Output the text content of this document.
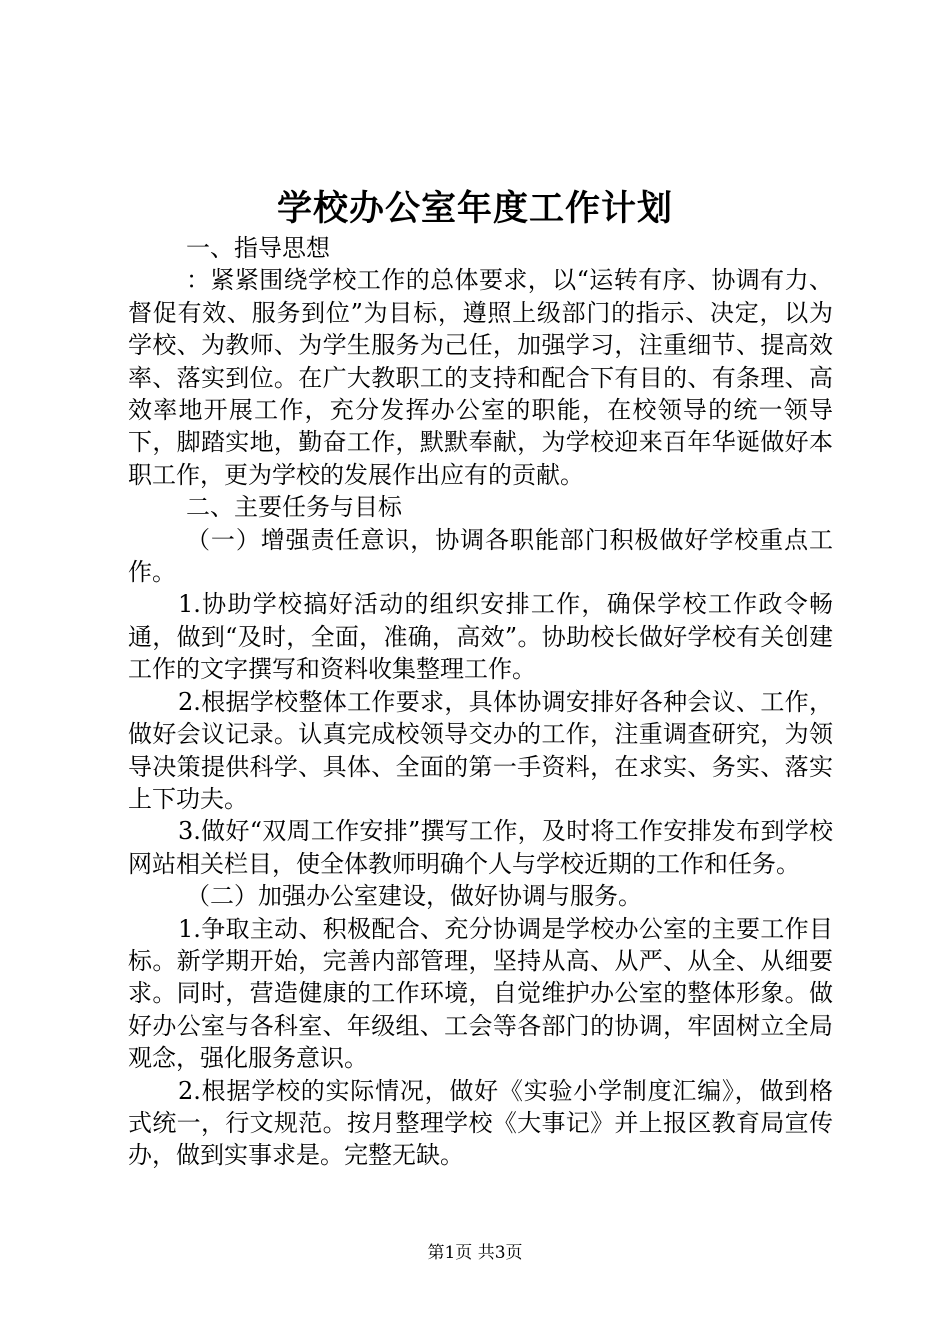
学校办公室年度工作计划

一、指导思想

：紧紧围绕学校工作的总体要求，以“运转有序、协调有力、督促有效、服务到位”为目标，遵照上级部门的指示、决定，以为学校、为教师、为学生服务为己任，加强学习，注重细节、提高效率、落实到位。在广大教职工的支持和配合下有目的、有条理、高效率地开展工作，充分发挥办公室的职能，在校领导的统一领导下，脚踏实地，勤奋工作，默默奉献，为学校迎来百年华诞做好本职工作，更为学校的发展作出应有的贡献。

二、主要任务与目标

（一）增强责任意识，协调各职能部门积极做好学校重点工作。

1.协助学校搞好活动的组织安排工作，确保学校工作政令畅通，做到“及时，全面，准确，高效”。协助校长做好学校有关创建工作的文字撰写和资料收集整理工作。

2.根据学校整体工作要求，具体协调安排好各种会议、工作，做好会议记录。认真完成校领导交办的工作，注重调查研究，为领导决策提供科学、具体、全面的第一手资料，在求实、务实、落实上下功夫。

3.做好“双周工作安排”撰写工作，及时将工作安排发布到学校网站相关栏目，使全体教师明确个人与学校近期的工作和任务。

（二）加强办公室建设，做好协调与服务。

1.争取主动、积极配合、充分协调是学校办公室的主要工作目标。新学期开始，完善内部管理，坚持从高、从严、从全、从细要求。同时，营造健康的工作环境，自觉维护办公室的整体形象。做好办公室与各科室、年级组、工会等各部门的协调，牢固树立全局观念，强化服务意识。

2.根据学校的实际情况，做好《实验小学制度汇编》，做到格式统一，行文规范。按月整理学校《大事记》并上报区教育局宣传办，做到实事求是。完整无缺。

第1页 共3页
